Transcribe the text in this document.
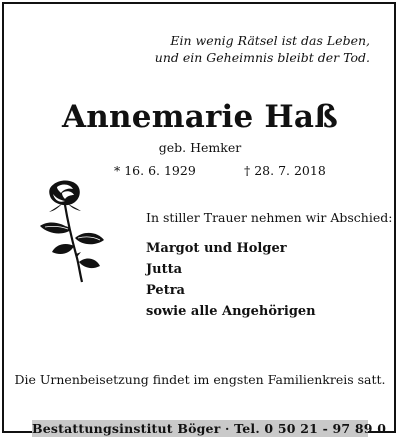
Ein wenig Rätsel ist das Leben,
und ein Geheimnis bleibt der Tod.
Annemarie Haß
geb. Hemker
* 16. 6. 1929	† 28. 7. 2018
In stiller Trauer nehmen wir Abschied:
Margot und Holger
Jutta
Petra
sowie alle Angehörigen
Die Urnenbeisetzung findet im engsten Familienkreis satt.
Bestattungsinstitut Böger · Tel. 0 50 21 - 97 89 0
